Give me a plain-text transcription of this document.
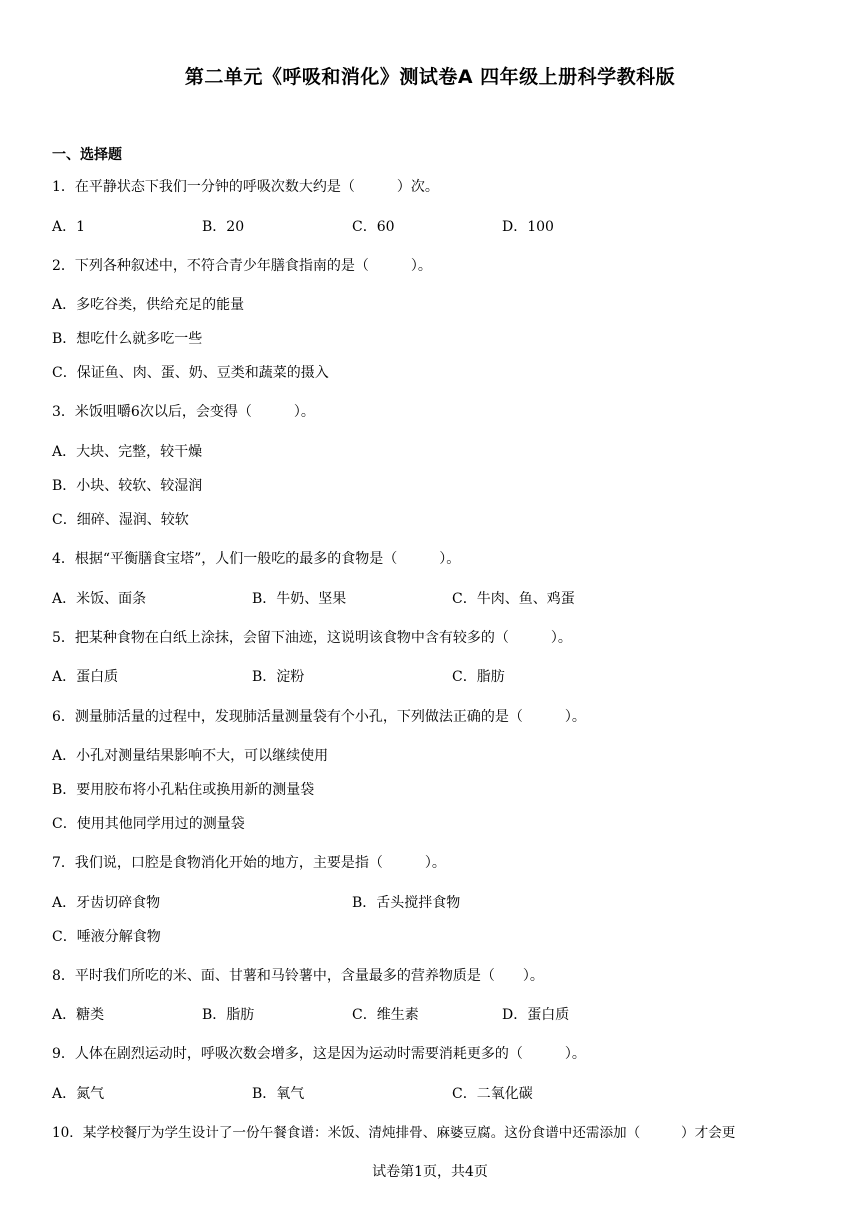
第二单元《呼吸和消化》测试卷A 四年级上册科学教科版
一、选择题
1．在平静状态下我们一分钟的呼吸次数大约是（　　　）次。
A．1	B．20	C．60	D．100
2．下列各种叙述中，不符合青少年膳食指南的是（　　　）。
A．多吃谷类，供给充足的能量
B．想吃什么就多吃一些
C．保证鱼、肉、蛋、奶、豆类和蔬菜的摄入
3．米饭咀嚼6次以后，会变得（　　　）。
A．大块、完整，较干燥
B．小块、较软、较湿润
C．细碎、湿润、较软
4．根据“平衡膳食宝塔”，人们一般吃的最多的食物是（　　　）。
A．米饭、面条	B．牛奶、坚果	C．牛肉、鱼、鸡蛋
5．把某种食物在白纸上涂抹，会留下油迹，这说明该食物中含有较多的（　　　）。
A．蛋白质	B．淀粉	C．脂肪
6．测量肺活量的过程中，发现肺活量测量袋有个小孔，下列做法正确的是（　　　）。
A．小孔对测量结果影响不大，可以继续使用
B．要用胶布将小孔粘住或换用新的测量袋
C．使用其他同学用过的测量袋
7．我们说，口腔是食物消化开始的地方，主要是指（　　　）。
A．牙齿切碎食物	B．舌头搅拌食物
C．唾液分解食物
8．平时我们所吃的米、面、甘薯和马铃薯中，含量最多的营养物质是（　　）。
A．糖类	B．脂肪	C．维生素	D．蛋白质
9．人体在剧烈运动时，呼吸次数会增多，这是因为运动时需要消耗更多的（　　　）。
A．氮气	B．氧气	C．二氧化碳
10．某学校餐厅为学生设计了一份午餐食谱：米饭、清炖排骨、麻婆豆腐。这份食谱中还需添加（　　　）才会更
试卷第1页，共4页
